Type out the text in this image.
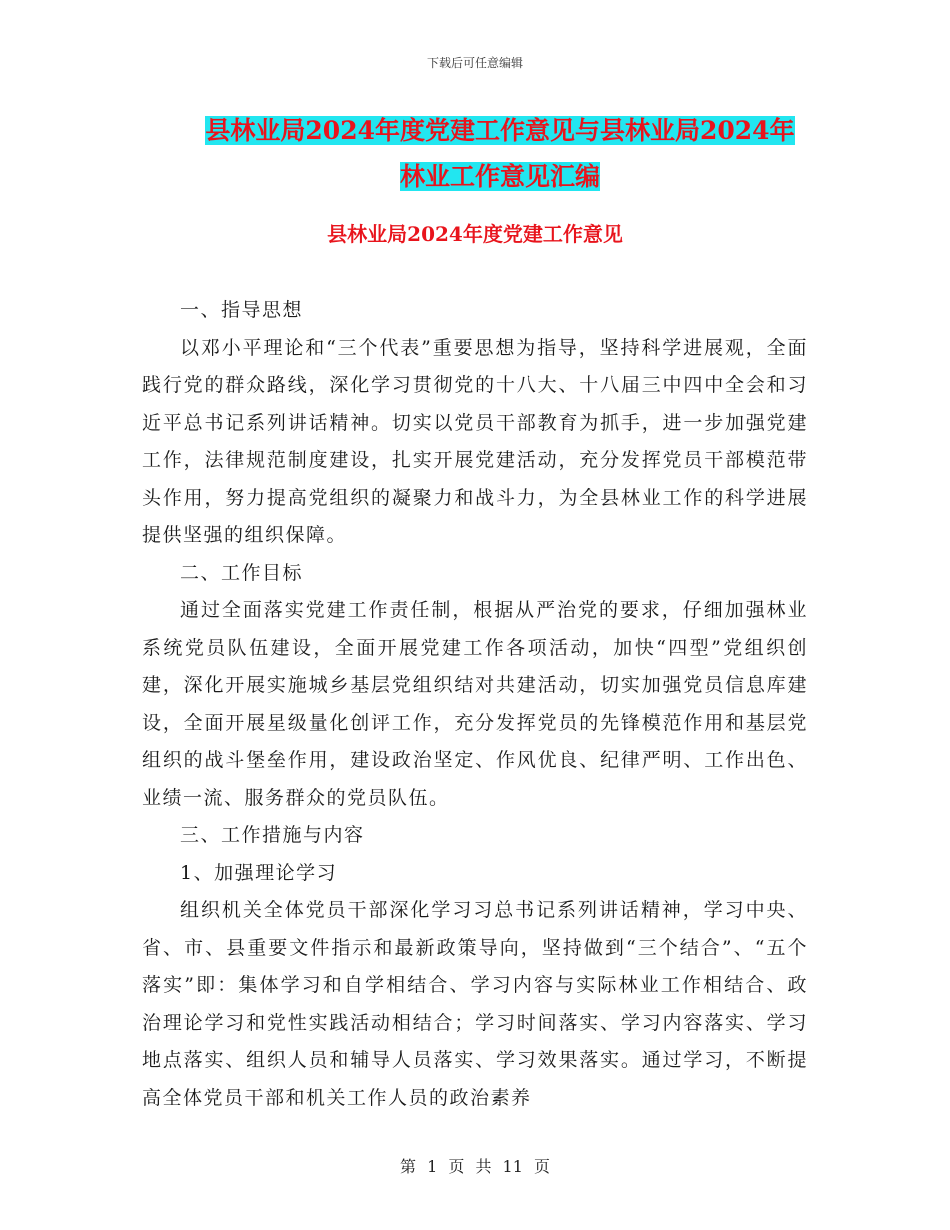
下载后可任意编辑
县林业局2024年度党建工作意见与县林业局2024年
林业工作意见汇编
县林业局2024年度党建工作意见

一、指导思想

以邓小平理论和“三个代表”重要思想为指导，坚持科学进展观，全面践行党的群众路线，深化学习贯彻党的十八大、十八届三中四中全会和习近平总书记系列讲话精神。切实以党员干部教育为抓手，进一步加强党建工作，法律规范制度建设，扎实开展党建活动，充分发挥党员干部模范带头作用，努力提高党组织的凝聚力和战斗力，为全县林业工作的科学进展提供坚强的组织保障。

二、工作目标

通过全面落实党建工作责任制，根据从严治党的要求，仔细加强林业系统党员队伍建设，全面开展党建工作各项活动，加快“四型”党组织创建，深化开展实施城乡基层党组织结对共建活动，切实加强党员信息库建设，全面开展星级量化创评工作，充分发挥党员的先锋模范作用和基层党组织的战斗堡垒作用，建设政治坚定、作风优良、纪律严明、工作出色、业绩一流、服务群众的党员队伍。

三、工作措施与内容

1、加强理论学习

组织机关全体党员干部深化学习习总书记系列讲话精神，学习中央、省、市、县重要文件指示和最新政策导向，坚持做到“三个结合”、“五个落实”即：集体学习和自学相结合、学习内容与实际林业工作相结合、政治理论学习和党性实践活动相结合；学习时间落实、学习内容落实、学习地点落实、组织人员和辅导人员落实、学习效果落实。通过学习，不断提高全体党员干部和机关工作人员的政治素养

第 1 页 共 11 页
